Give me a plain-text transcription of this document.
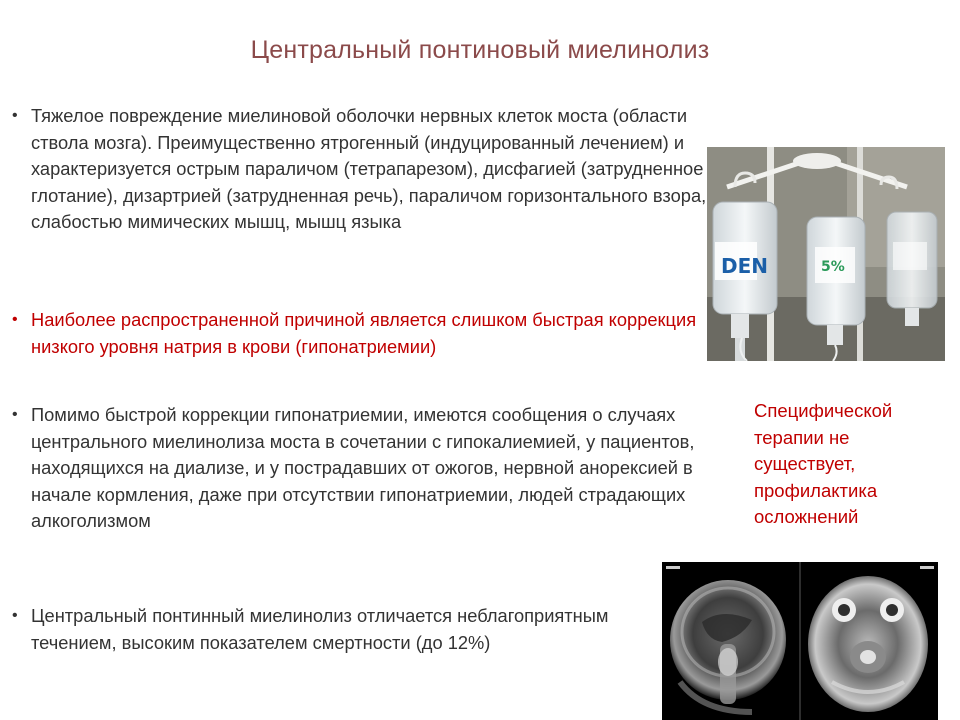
Центральный понтиновый миелинолиз
• Тяжелое повреждение миелиновой оболочки нервных клеток моста (области ствола мозга). Преимущественно ятрогенный (индуцированный лечением) и характеризуется острым параличом (тетрапарезом), дисфагией (затрудненное глотание), дизартрией (затрудненная речь), параличом горизонтального взора, слабостью мимических мышц, мышц языка
• Наиболее распространенной причиной является слишком быстрая коррекция низкого уровня натрия в крови (гипонатриемии)
• Помимо быстрой коррекции гипонатриемии, имеются сообщения о случаях центрального миелинолиза моста в сочетании с гипокалиемией, у пациентов, находящихся на диализе, и у пострадавших от ожогов, нервной анорексией в начале кормления, даже при отсутствии гипонатриемии, людей страдающих алкоголизмом
• Центральный понтинный миелинолиз отличается неблагоприятным течением, высоким показателем смертности (до 12%)
Специфической терапии не существует, профилактика осложнений
DEN	5%
